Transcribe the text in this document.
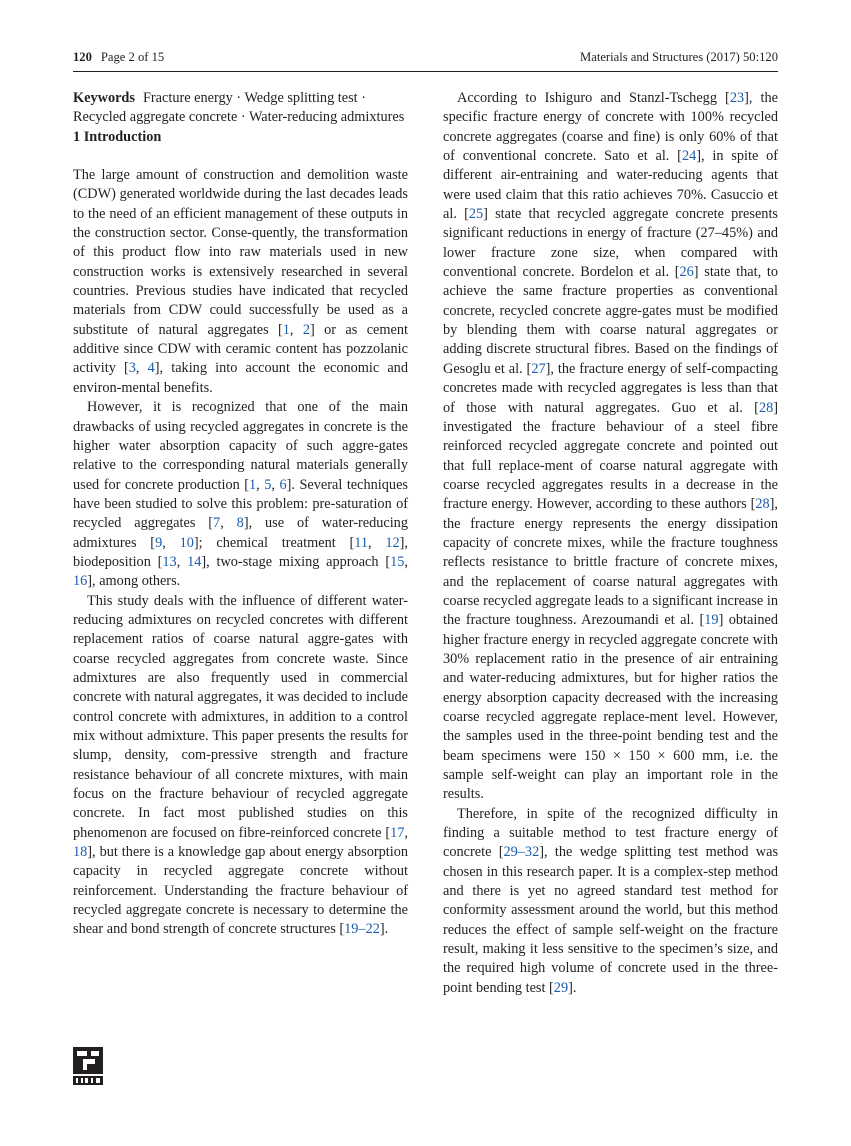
120 Page 2 of 15	Materials and Structures (2017) 50:120

Keywords Fracture energy · Wedge splitting test · Recycled aggregate concrete · Water-reducing admixtures

1 Introduction

The large amount of construction and demolition waste (CDW) generated worldwide during the last decades leads to the need of an efficient management of these outputs in the construction sector. Conse-quently, the transformation of this product flow into raw materials used in new construction works is extensively researched in several countries. Previous studies have indicated that recycled materials from CDW could successfully be used as a substitute of natural aggregates [1, 2] or as cement additive since CDW with ceramic content has pozzolanic activity [3, 4], taking into account the economic and environ-mental benefits.

However, it is recognized that one of the main drawbacks of using recycled aggregates in concrete is the higher water absorption capacity of such aggre-gates relative to the corresponding natural materials generally used for concrete production [1, 5, 6]. Several techniques have been studied to solve this problem: pre-saturation of recycled aggregates [7, 8], use of water-reducing admixtures [9, 10]; chemical treatment [11, 12], biodeposition [13, 14], two-stage mixing approach [15, 16], among others.

This study deals with the influence of different water-reducing admixtures on recycled concretes with different replacement ratios of coarse natural aggre-gates with coarse recycled aggregates from concrete waste. Since admixtures are also frequently used in commercial concrete with natural aggregates, it was decided to include control concrete with admixtures, in addition to a control mix without admixture. This paper presents the results for slump, density, com-pressive strength and fracture resistance behaviour of all concrete mixtures, with main focus on the fracture behaviour of recycled aggregate concrete. In fact most published studies on this phenomenon are focused on fibre-reinforced concrete [17, 18], but there is a knowledge gap about energy absorption capacity in recycled aggregate concrete without reinforcement. Understanding the fracture behaviour of recycled aggregate concrete is necessary to determine the shear and bond strength of concrete structures [19–22].

According to Ishiguro and Stanzl-Tschegg [23], the specific fracture energy of concrete with 100% recycled concrete aggregates (coarse and fine) is only 60% of that of conventional concrete. Sato et al. [24], in spite of different air-entraining and water-reducing agents that were used claim that this ratio achieves 70%. Casuccio et al. [25] state that recycled aggregate concrete presents significant reductions in energy of fracture (27–45%) and lower fracture zone size, when compared with conventional concrete. Bordelon et al. [26] state that, to achieve the same fracture properties as conventional concrete, recycled concrete aggre-gates must be modified by blending them with coarse natural aggregates or adding discrete structural fibres. Based on the findings of Gesoglu et al. [27], the fracture energy of self-compacting concretes made with recycled aggregates is less than that of those with natural aggregates. Guo et al. [28] investigated the fracture behaviour of a steel fibre reinforced recycled aggregate concrete and pointed out that full replace-ment of coarse natural aggregate with coarse recycled aggregates results in a decrease in the fracture energy. However, according to these authors [28], the fracture energy represents the energy dissipation capacity of concrete mixes, while the fracture toughness reflects resistance to brittle fracture of concrete mixes, and the replacement of coarse natural aggregates with coarse recycled aggregate leads to a significant increase in the fracture toughness. Arezoumandi et al. [19] obtained higher fracture energy in recycled aggregate concrete with 30% replacement ratio in the presence of air entraining and water-reducing admixtures, but for higher ratios the energy absorption capacity decreased with the increasing coarse recycled aggregate replace-ment level. However, the samples used in the three-point bending test and the beam specimens were 150 × 150 × 600 mm, i.e. the sample self-weight can play an important role in the results.

Therefore, in spite of the recognized difficulty in finding a suitable method to test fracture energy of concrete [29–32], the wedge splitting test method was chosen in this research paper. It is a complex-step method and there is yet no agreed standard test method for conformity assessment around the world, but this method reduces the effect of sample self-weight on the fracture result, making it less sensitive to the specimen’s size, and the required high volume of concrete used in the three-point bending test [29].
